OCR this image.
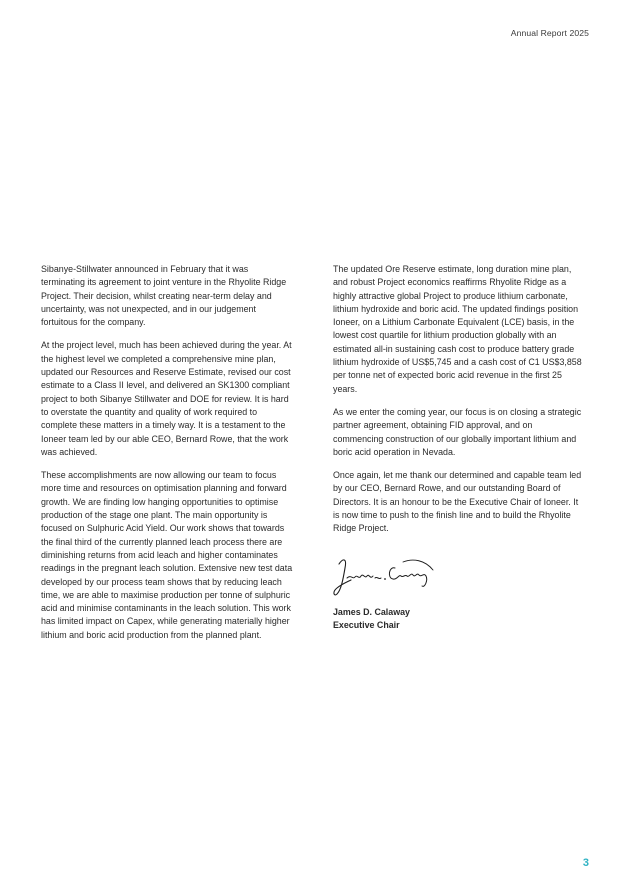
Annual Report 2025

Sibanye-Stillwater announced in February that it was terminating its agreement to joint venture in the Rhyolite Ridge Project. Their decision, whilst creating near-term delay and uncertainty, was not unexpected, and in our judgement fortuitous for the company.

At the project level, much has been achieved during the year. At the highest level we completed a comprehensive mine plan, updated our Resources and Reserve Estimate, revised our cost estimate to a Class II level, and delivered an SK1300 compliant project to both Sibanye Stillwater and DOE for review. It is hard to overstate the quantity and quality of work required to complete these matters in a timely way. It is a testament to the Ioneer team led by our able CEO, Bernard Rowe, that the work was achieved.

These accomplishments are now allowing our team to focus more time and resources on optimisation planning and forward growth. We are finding low hanging opportunities to optimise production of the stage one plant. The main opportunity is focused on Sulphuric Acid Yield. Our work shows that towards the final third of the currently planned leach process there are diminishing returns from acid leach and higher contaminates readings in the pregnant leach solution. Extensive new test data developed by our process team shows that by reducing leach time, we are able to maximise production per tonne of sulphuric acid and minimise contaminants in the leach solution. This work has limited impact on Capex, while generating materially higher lithium and boric acid production from the planned plant.

The updated Ore Reserve estimate, long duration mine plan, and robust Project economics reaffirms Rhyolite Ridge as a highly attractive global Project to produce lithium carbonate, lithium hydroxide and boric acid. The updated findings position Ioneer, on a Lithium Carbonate Equivalent (LCE) basis, in the lowest cost quartile for lithium production globally with an estimated all-in sustaining cash cost to produce battery grade lithium hydroxide of US$5,745 and a cash cost of C1 US$3,858 per tonne net of expected boric acid revenue in the first 25 years.

As we enter the coming year, our focus is on closing a strategic partner agreement, obtaining FID approval, and on commencing construction of our globally important lithium and boric acid operation in Nevada.

Once again, let me thank our determined and capable team led by our CEO, Bernard Rowe, and our outstanding Board of Directors. It is an honour to be the Executive Chair of Ioneer. It is now time to push to the finish line and to build the Rhyolite Ridge Project.

James D. Calaway
Executive Chair
3
